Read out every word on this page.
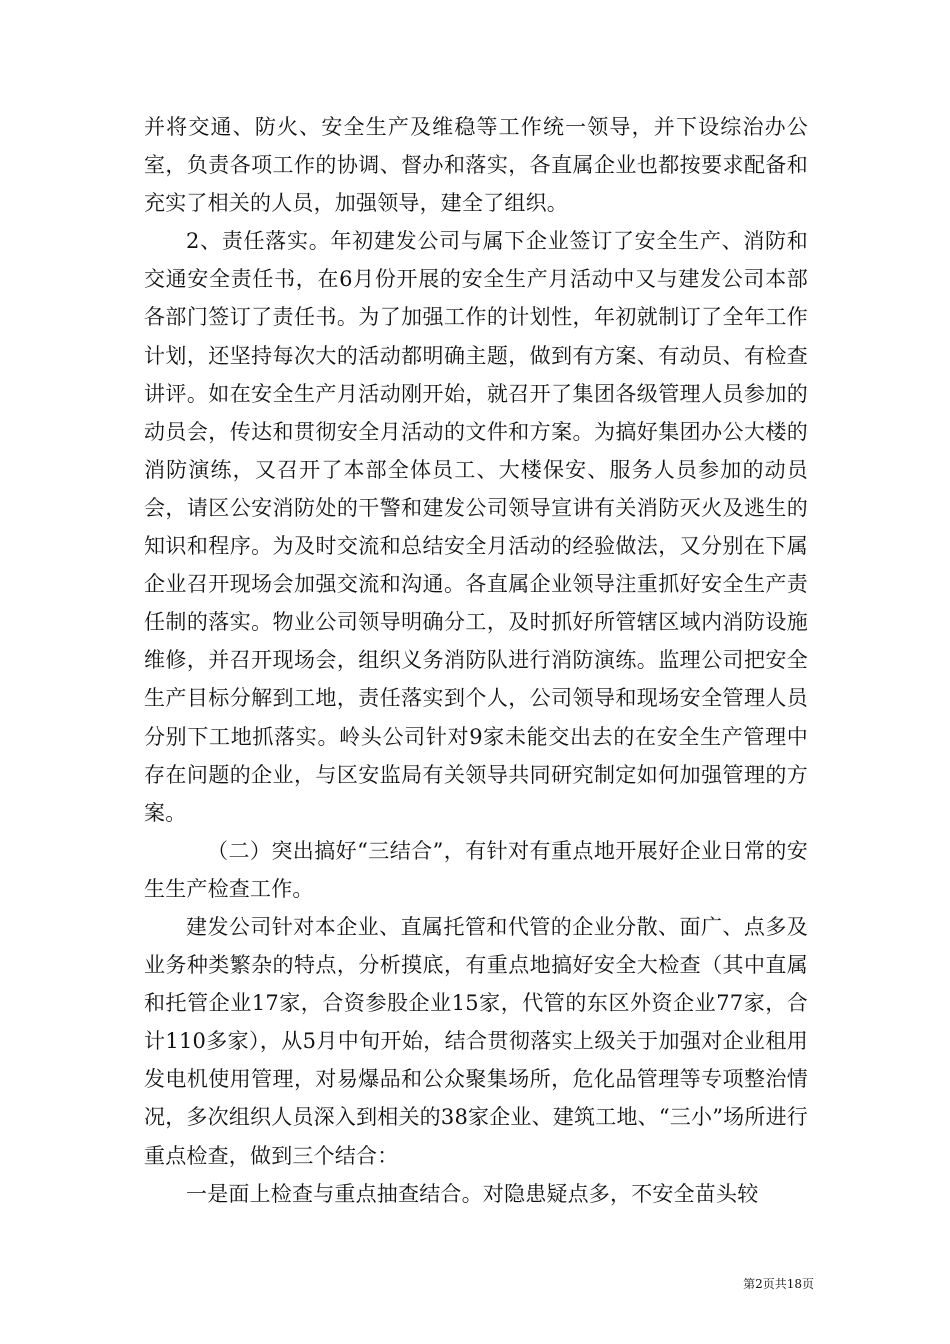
并将交通、防火、安全生产及维稳等工作统一领导，并下设综治办公室，负责各项工作的协调、督办和落实，各直属企业也都按要求配备和充实了相关的人员，加强领导，建全了组织。

2、责任落实。年初建发公司与属下企业签订了安全生产、消防和交通安全责任书，在6月份开展的安全生产月活动中又与建发公司本部各部门签订了责任书。为了加强工作的计划性，年初就制订了全年工作计划，还坚持每次大的活动都明确主题，做到有方案、有动员、有检查讲评。如在安全生产月活动刚开始，就召开了集团各级管理人员参加的动员会，传达和贯彻安全月活动的文件和方案。为搞好集团办公大楼的消防演练，又召开了本部全体员工、大楼保安、服务人员参加的动员会，请区公安消防处的干警和建发公司领导宣讲有关消防灭火及逃生的知识和程序。为及时交流和总结安全月活动的经验做法，又分别在下属企业召开现场会加强交流和沟通。各直属企业领导注重抓好安全生产责任制的落实。物业公司领导明确分工，及时抓好所管辖区域内消防设施维修，并召开现场会，组织义务消防队进行消防演练。监理公司把安全生产目标分解到工地，责任落实到个人，公司领导和现场安全管理人员分别下工地抓落实。岭头公司针对9家未能交出去的在安全生产管理中存在问题的企业，与区安监局有关领导共同研究制定如何加强管理的方案。

（二）突出搞好“三结合”，有针对有重点地开展好企业日常的安生生产检查工作。

建发公司针对本企业、直属托管和代管的企业分散、面广、点多及业务种类繁杂的特点，分析摸底，有重点地搞好安全大检查（其中直属和托管企业17家，合资参股企业15家，代管的东区外资企业77家，合计110多家），从5月中旬开始，结合贯彻落实上级关于加强对企业租用发电机使用管理，对易爆品和公众聚集场所，危化品管理等专项整治情况，多次组织人员深入到相关的38家企业、建筑工地、“三小”场所进行重点检查，做到三个结合：

一是面上检查与重点抽查结合。对隐患疑点多，不安全苗头较

第2页共18页
